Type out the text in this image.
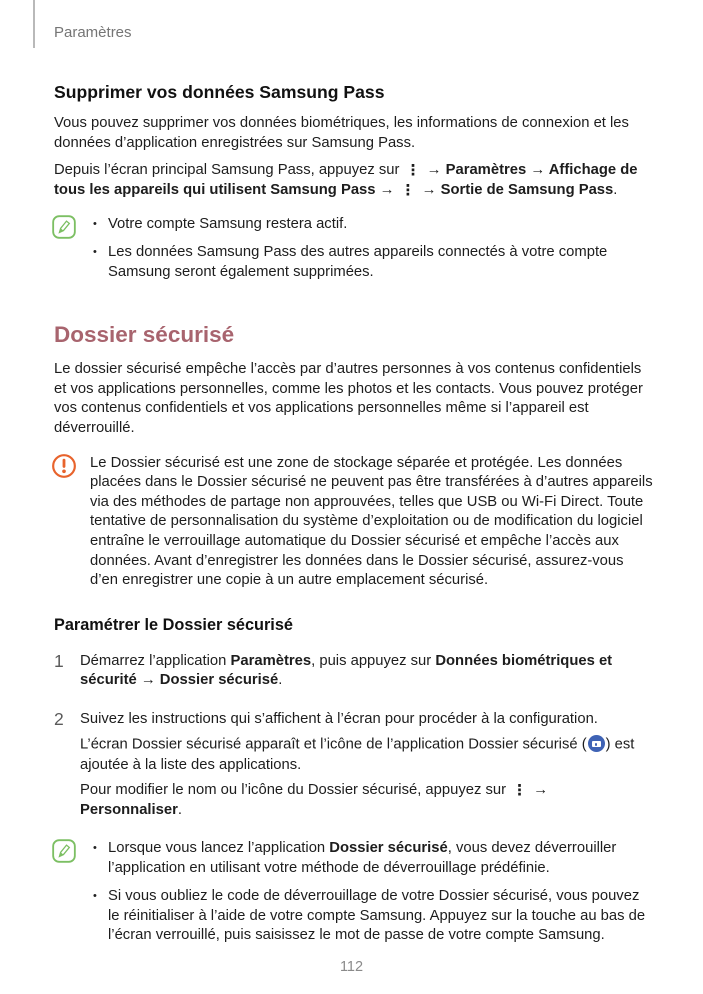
Paramètres
Supprimer vos données Samsung Pass

Vous pouvez supprimer vos données biométriques, les informations de connexion et les données d’application enregistrées sur Samsung Pass.

Depuis l’écran principal Samsung Pass, appuyez sur ⋮ → Paramètres → Affichage de tous les appareils qui utilisent Samsung Pass → ⋮ → Sortie de Samsung Pass.

• Votre compte Samsung restera actif.
• Les données Samsung Pass des autres appareils connectés à votre compte Samsung seront également supprimées.
Dossier sécurisé

Le dossier sécurisé empêche l’accès par d’autres personnes à vos contenus confidentiels et vos applications personnelles, comme les photos et les contacts. Vous pouvez protéger vos contenus confidentiels et vos applications personnelles même si l’appareil est déverrouillé.

Le Dossier sécurisé est une zone de stockage séparée et protégée. Les données placées dans le Dossier sécurisé ne peuvent pas être transférées à d’autres appareils via des méthodes de partage non approuvées, telles que USB ou Wi-Fi Direct. Toute tentative de personnalisation du système d’exploitation ou de modification du logiciel entraîne le verrouillage automatique du Dossier sécurisé et empêche l’accès aux données. Avant d’enregistrer les données dans le Dossier sécurisé, assurez-vous d’en enregistrer une copie à un autre emplacement sécurisé.

Paramétrer le Dossier sécurisé
1	Démarrez l’application Paramètres, puis appuyez sur Données biométriques et sécurité → Dossier sécurisé.

2	Suivez les instructions qui s’affichent à l’écran pour procéder à la configuration.

L’écran Dossier sécurisé apparaît et l’icône de l’application Dossier sécurisé ( ) est ajoutée à la liste des applications.

Pour modifier le nom ou l’icône du Dossier sécurisé, appuyez sur ⋮ → Personnaliser.

• Lorsque vous lancez l’application Dossier sécurisé, vous devez déverrouiller l’application en utilisant votre méthode de déverrouillage prédéfinie.
• Si vous oubliez le code de déverrouillage de votre Dossier sécurisé, vous pouvez le réinitialiser à l’aide de votre compte Samsung. Appuyez sur la touche au bas de l’écran verrouillé, puis saisissez le mot de passe de votre compte Samsung.
112
